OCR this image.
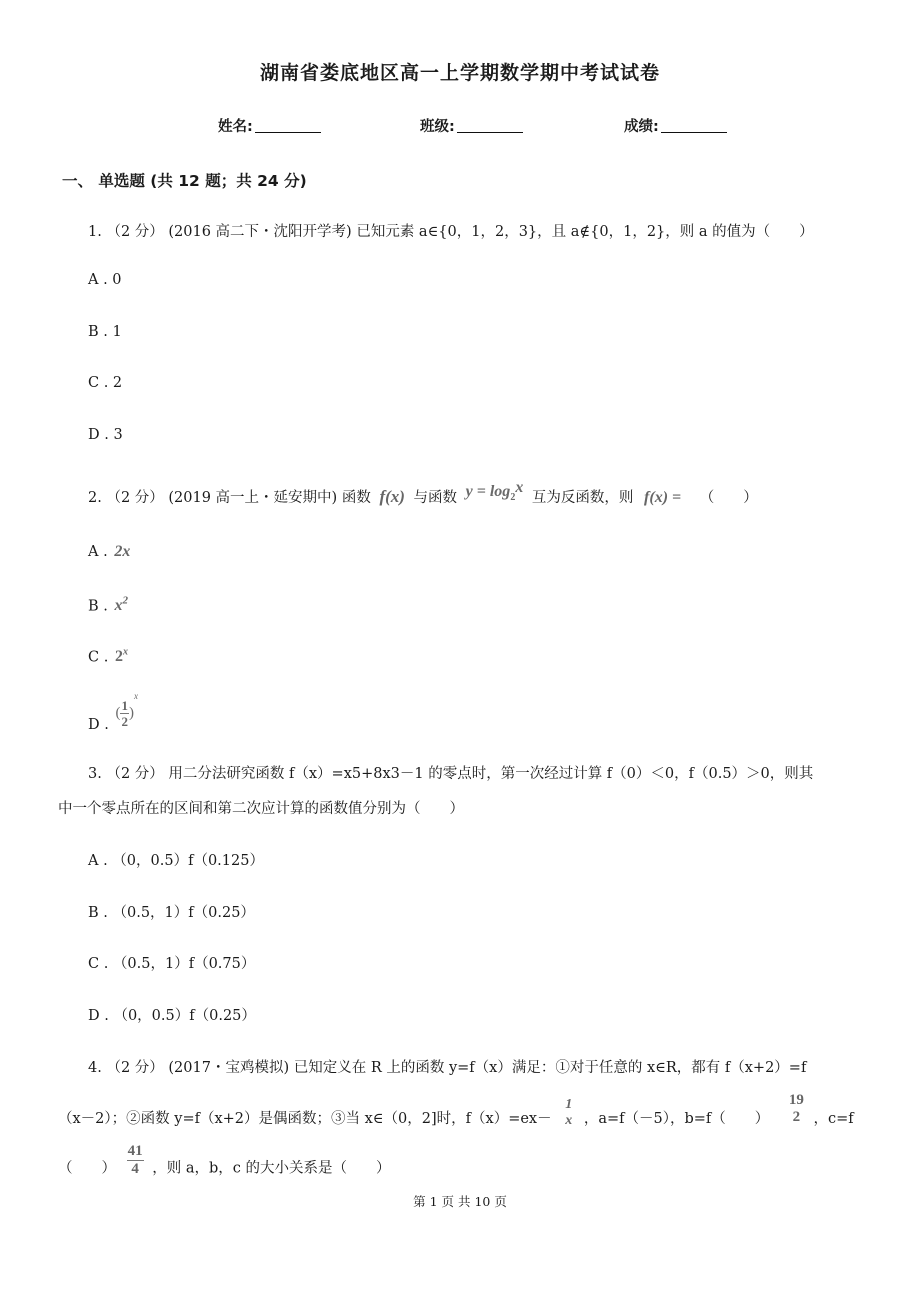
湖南省娄底地区高一上学期数学期中考试试卷
姓名:	班级:	成绩:
一、 单选题 (共 12 题；共 24 分)
1. （2 分） (2016 高二下・沈阳开学考) 已知元素 a∈{0，1，2，3}，且 a∉{0，1，2}，则 a 的值为（　　）
A . 0
B . 1
C . 2
D . 3
2. （2 分） (2019 高一上・延安期中) 函数 f(x) 与函数 $y = \log_2x$ 互为反函数，则 f(x) = （　　）
A . 2x
B . $x^2$
C . 2$^x$
D . ( $\frac{1}{2} )^x$
3. （2 分） 用二分法研究函数 f（x）=x5+8x3－1 的零点时，第一次经过计算 f（0）＜0，f（0.5）＞0，则其
中一个零点所在的区间和第二次应计算的函数值分别为（　　）
A . （0，0.5）f（0.125）
B . （0.5，1）f（0.25）
C . （0.5，1）f（0.75）
D . （0，0.5）f（0.25）
4. （2 分） (2017・宝鸡模拟) 已知定义在 R 上的函数 y=f（x）满足：①对于任意的 x∈R，都有 f（x+2）=f
（x－2）；②函数 y=f（x+2）是偶函数；③当 x∈（0，2]时，f（x）=ex－
1
x ，a=f（－5），b=f（　　）
19
2 ，c=f
（　　） $\frac{41}{4}$ ，则 a，b，c 的大小关系是（　　）
第 1 页 共 10 页
